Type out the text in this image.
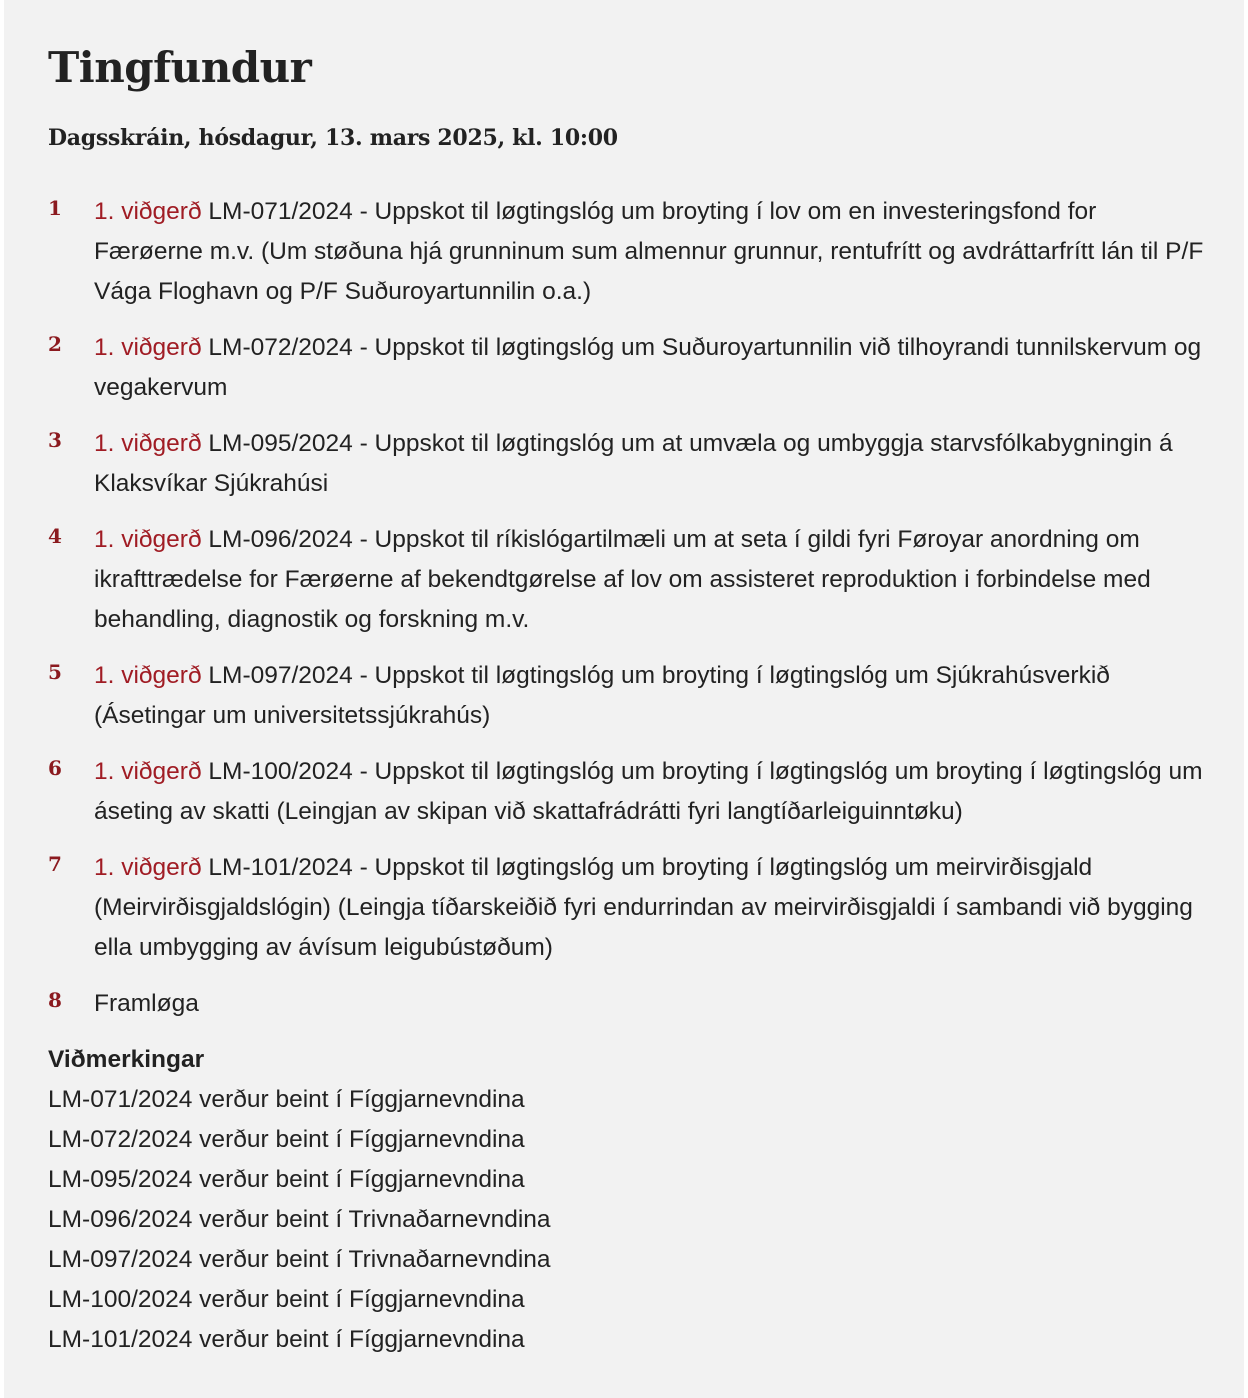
Tingfundur
Dagsskráin, hósdagur, 13. mars 2025, kl. 10:00
1 1. viðgerð LM-071/2024 - Uppskot til løgtingslóg um broyting í lov om en investeringsfond for Færøerne m.v. (Um støðuna hjá grunninum sum almennur grunnur, rentufrítt og avdráttarfrítt lán til P/F Vága Floghavn og P/F Suðuroyartunnilin o.a.)
2 1. viðgerð LM-072/2024 - Uppskot til løgtingslóg um Suðuroyartunnilin við tilhoyrandi tunnilskervum og vegakervum
3 1. viðgerð LM-095/2024 - Uppskot til løgtingslóg um at umvæla og umbyggja starvsfólkabygningin á Klaksvíkar Sjúkrahúsi
4 1. viðgerð LM-096/2024 - Uppskot til ríkislógartilmæli um at seta í gildi fyri Føroyar anordning om ikrafttrædelse for Færøerne af bekendtgørelse af lov om assisteret reproduktion i forbindelse med behandling, diagnostik og forskning m.v.
5 1. viðgerð LM-097/2024 - Uppskot til løgtingslóg um broyting í løgtingslóg um Sjúkrahúsverkið (Ásetingar um universitetssjúkrahús)
6 1. viðgerð LM-100/2024 - Uppskot til løgtingslóg um broyting í løgtingslóg um broyting í løgtingslóg um áseting av skatti (Leingjan av skipan við skattafrádrátti fyri langtíðarleiguinntøku)
7 1. viðgerð LM-101/2024 - Uppskot til løgtingslóg um broyting í løgtingslóg um meirvirðisgjald (Meirvirðisgjaldslógin) (Leingja tíðarskeiðið fyri endurrindan av meirvirðisgjaldi í sambandi við bygging ella umbygging av ávísum leigubústøðum)
8 Framløga
Viðmerkingar
LM-071/2024 verður beint í Fíggjarnevndina
LM-072/2024 verður beint í Fíggjarnevndina
LM-095/2024 verður beint í Fíggjarnevndina
LM-096/2024 verður beint í Trivnaðarnevndina
LM-097/2024 verður beint í Trivnaðarnevndina
LM-100/2024 verður beint í Fíggjarnevndina
LM-101/2024 verður beint í Fíggjarnevndina
